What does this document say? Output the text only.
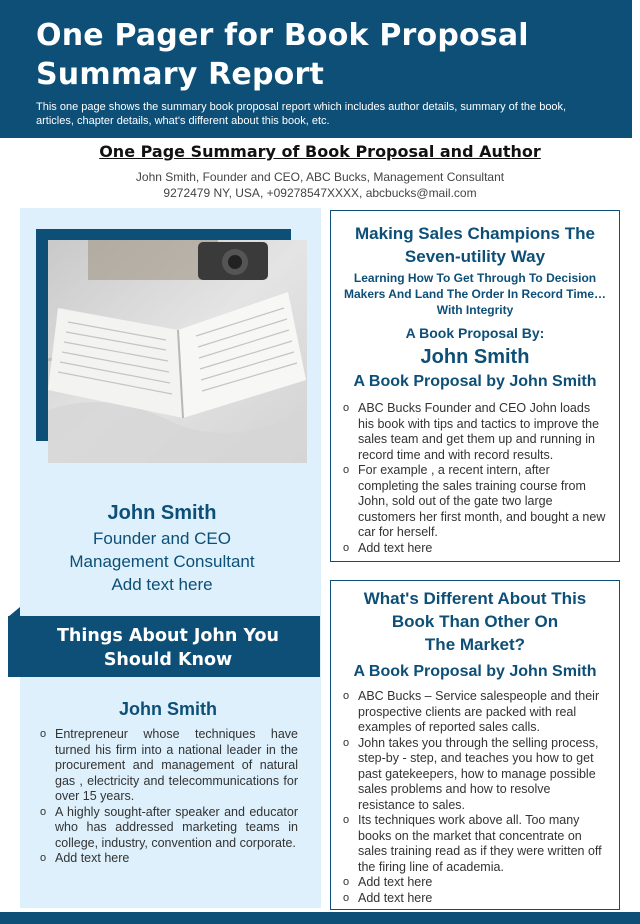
One Pager for Book Proposal
Summary Report

This one page shows the summary book proposal report which includes author details, summary of the book, articles, chapter details, what's different about this book, etc.

One Page Summary of Book Proposal and Author
John Smith, Founder and CEO, ABC Bucks, Management Consultant
9272479 NY, USA, +09278547XXXX, abcbucks@mail.com
John Smith
Founder and CEO
Management Consultant
Add text here
Things About John You
Should Know
John Smith
o Entrepreneur whose techniques have turned his firm into a national leader in the procurement and management of natural gas , electricity and telecommunications for over 15 years.
o A highly sought-after speaker and educator who has addressed marketing teams in college, industry, convention and corporate.
o Add text here
Making Sales Champions The
Seven-utility Way
Learning How To Get Through To Decision
Makers And Land The Order In Record Time…
With Integrity
A Book Proposal By:
John Smith
A Book Proposal by John Smith
o ABC Bucks Founder and CEO John loads his book with tips and tactics to improve the sales team and get them up and running in record time and with record results.
o For example , a recent intern, after completing the sales training course from John, sold out of the gate two large customers her first month, and bought a new car for herself.
o Add text here
What's Different About This
Book Than Other On
The Market?
A Book Proposal by John Smith
o ABC Bucks – Service salespeople and their prospective clients are packed with real examples of reported sales calls.
o John takes you through the selling process, step-by - step, and teaches you how to get past gatekeepers, how to manage possible sales problems and how to resolve resistance to sales.
o Its techniques work above all. Too many books on the market that concentrate on sales training read as if they were written off the firing line of academia.
o Add text here
o Add text here
